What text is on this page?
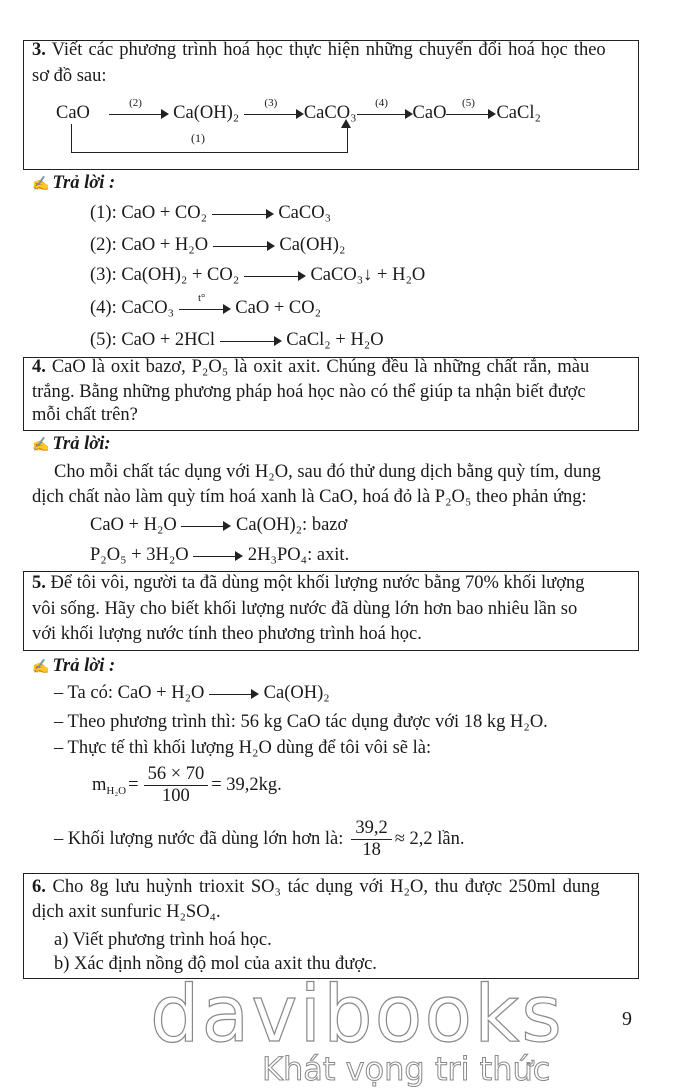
3. Viết các phương trình hoá học thực hiện những chuyển đổi hoá học theo
sơ đồ sau:
CaO
(2)
Ca(OH)₂
(3)
CaCO₃
(4)
CaO
(5)
CaCl₂
(1)
✍ Trả lời :
(1): CaO + CO₂	CaCO₃
(2): CaO + H₂O	Ca(OH)₂
(3): Ca(OH)₂ + CO₂	CaCO₃↓ + H₂O
(4): CaCO₃
t°
CaO + CO₂
(5): CaO + 2HCl	CaCl₂ + H₂O
4. CaO là oxit bazơ, P₂O₅ là oxit axit. Chúng đều là những chất rắn, màu
trắng. Bằng những phương pháp hoá học nào có thể giúp ta nhận biết được
mỗi chất trên?
✍ Trả lời:
Cho mỗi chất tác dụng với H₂O, sau đó thử dung dịch bằng quỳ tím, dung
dịch chất nào làm quỳ tím hoá xanh là CaO, hoá đỏ là P₂O₅ theo phản ứng:
CaO + H₂O	Ca(OH)₂: bazơ
P₂O₅ + 3H₂O	2H₃PO₄: axit.
5. Để tôi vôi, người ta đã dùng một khối lượng nước bằng 70% khối lượng
vôi sống. Hãy cho biết khối lượng nước đã dùng lớn hơn bao nhiêu lần so
với khối lượng nước tính theo phương trình hoá học.
✍ Trả lời :
– Ta có: CaO + H₂O	Ca(OH)₂
– Theo phương trình thì: 56 kg CaO tác dụng được với 18 kg H₂O.
– Thực tế thì khối lượng H₂O dùng để tôi vôi sẽ là:
$m_{H_2O} = \frac{56 \times 70}{100} = 39,2kg$.
– Khối lượng nước đã dùng lớn hơn là: $\frac{39,2}{18} \approx 2,2$ lần.
6. Cho 8g lưu huỳnh trioxit SO₃ tác dụng với H₂O, thu được 250ml dung
dịch axit sunfuric H₂SO₄.
a) Viết phương trình hoá học.
b) Xác định nồng độ mol của axit thu được.
9
davibooks
Khát vọng tri thức
